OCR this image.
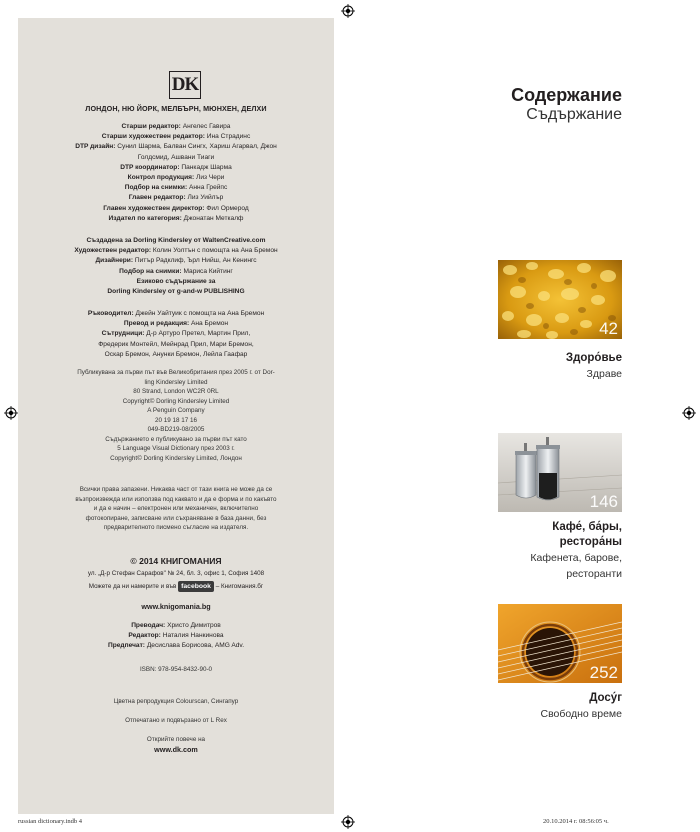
DK
ЛОНДОН, НЮ ЙОРК, МЕЛБЪРН, МЮНХЕН, ДЕЛХИ
Старши редактор: Ангелес Гавира
Старши художествен редактор: Ина Страдинс
DTP дизайн: Сунил Шарма, Балван Сингх, Хариш Агарвал, Джон
Голдсмид, Ашвани Тиаги
DTP координатор: Панкадж Шарма
Контрол продукция: Лиз Чери
Подбор на снимки: Анна Грейпс
Главен редактор: Лиз Уийлър
Главен художествен директор: Фил Ормерод
Издател по категория: Джонатан Меткалф
Създадена за Dorling Kindersley от WaltenCreative.com
Художествен редактор: Колин Уолтън с помощта на Ана Бремон
Дизайнери: Питър Радклиф, Ърл Нийш, Ан Кенингс
Подбор на снимки: Мариса Кийтинг
Езиково съдържание за
Dorling Kindersley от g-and-w PUBLISHING
Ръководител: Джейн Уайтуик с помощта на Ана Бремон
Превод и редакция: Ана Бремон
Сътрудници: Д-р Артуро Претел, Мартин Прил,
Фредерик Монтейл, Мейнрад Прил, Мари Бремон,
Оскар Бремон, Анунки Бремон, Лейла Гаафар
Публикувана за първи път във Великобритания през 2005 г. от Dor-
ling Kindersley Limited
80 Strand, London WC2R 0RL
Copyright© Dorling Kindersley Limited
A Penguin Company
20 19 18 17 16
049-BD219-08/2005
Съдържанието е публикувано за първи път като
5 Language Visual Dictionary през 2003 г.
Copyright© Dorling Kindersley Limited, Лондон
Всички права запазени. Никаква част от тази книга не може да се
възпроизвежда или използва под каквато и да е форма и по какъвто
и да е начин – електронен или механичен, включително
фотокопиране, записване или съхраняване в база данни, без
предварителното писмено съгласие на издателя.
© 2014 КНИГОМАНИЯ
ул. „Д-р Стефан Сарафов" № 24, бл. 3, офис 1, София 1408
Можете да ни намерите и във facebook – Книгомания.бг
www.knigomania.bg
Преводач: Христо Димитров
Редактор: Наталия Нанкинова
Предпечат: Десислава Борисова, AMG Adv.
ISBN: 978-954-8432-90-0
Цветна репродукция Colourscan, Сингапур
Отпечатано и подвързано от L Rex
Открийте повече на
www.dk.com
Содержание
Съдържание
42
Здоро́вье
Здраве
146
Кафе́, ба́ры,
рестора́ны
Кафенета, барове,
ресторанти
252
Досу́г
Свободно време
russian dictionary.indb 4	20.10.2014 г. 08:56:05 ч.
